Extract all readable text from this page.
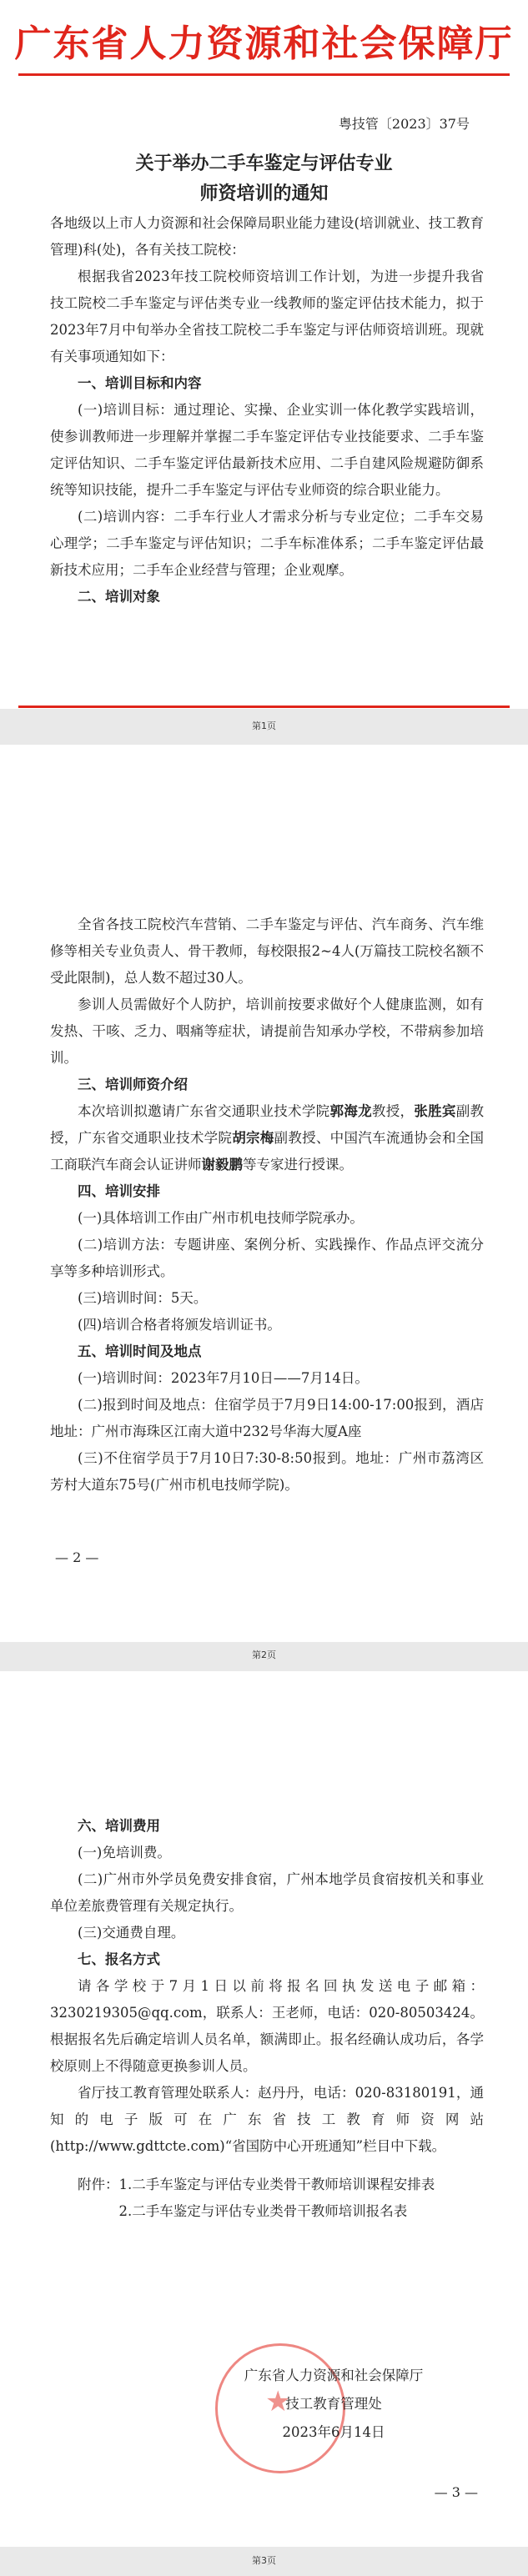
广东省人力资源和社会保障厅
粤技管〔2023〕37号
关于举办二手车鉴定与评估专业
师资培训的通知

各地级以上市人力资源和社会保障局职业能力建设(培训就业、技工教育管理)科(处)，各有关技工院校：

根据我省2023年技工院校师资培训工作计划，为进一步提升我省技工院校二手车鉴定与评估类专业一线教师的鉴定评估技术能力，拟于2023年7月中旬举办全省技工院校二手车鉴定与评估师资培训班。现就有关事项通知如下：

一、培训目标和内容

(一)培训目标：通过理论、实操、企业实训一体化教学实践培训，使参训教师进一步理解并掌握二手车鉴定评估专业技能要求、二手车鉴定评估知识、二手车鉴定评估最新技术应用、二手自建风险规避防御系统等知识技能，提升二手车鉴定与评估专业师资的综合职业能力。

(二)培训内容：二手车行业人才需求分析与专业定位；二手车交易心理学；二手车鉴定与评估知识；二手车标准体系；二手车鉴定评估最新技术应用；二手车企业经营与管理；企业观摩。

二、培训对象

第1页

全省各技工院校汽车营销、二手车鉴定与评估、汽车商务、汽车维修等相关专业负责人、骨干教师，每校限报2~4人(万篇技工院校名额不受此限制)，总人数不超过30人。

参训人员需做好个人防护，培训前按要求做好个人健康监测，如有发热、干咳、乏力、咽痛等症状，请提前告知承办学校，不带病参加培训。

三、培训师资介绍

本次培训拟邀请广东省交通职业技术学院郭海龙教授，张胜宾副教授，广东省交通职业技术学院胡宗梅副教授、中国汽车流通协会和全国工商联汽车商会认证讲师谢毅鹏等专家进行授课。

四、培训安排

(一)具体培训工作由广州市机电技师学院承办。

(二)培训方法：专题讲座、案例分析、实践操作、作品点评交流分享等多种培训形式。

(三)培训时间：5天。

(四)培训合格者将颁发培训证书。

五、培训时间及地点

(一)培训时间：2023年7月10日——7月14日。

(二)报到时间及地点：住宿学员于7月9日14:00-17:00报到，酒店地址：广州市海珠区江南大道中232号华海大厦A座

(三)不住宿学员于7月10日7:30-8:50报到。地址：广州市荔湾区芳村大道东75号(广州市机电技师学院)。

— 2 —
第2页

六、培训费用

(一)免培训费。

(二)广州市外学员免费安排食宿，广州本地学员食宿按机关和事业单位差旅费管理有关规定执行。

(三)交通费自理。

七、报名方式

请各学校于7月1日以前将报名回执发送电子邮箱：3230219305@qq.com，联系人：王老师，电话：020-80503424。根据报名先后确定培训人员名单，额满即止。报名经确认成功后，各学校原则上不得随意更换参训人员。

省厅技工教育管理处联系人：赵丹丹，电话：020-83180191，通知的电子版可在广东省技工教育师资网站(http://www.gdttcte.com)“省国防中心开班通知”栏目中下载。

附件：1.二手车鉴定与评估专业类骨干教师培训课程安排表

2.二手车鉴定与评估专业类骨干教师培训报名表

★
广东省人力资源和社会保障厅
技工教育管理处
2023年6月14日
— 3 —
第3页
